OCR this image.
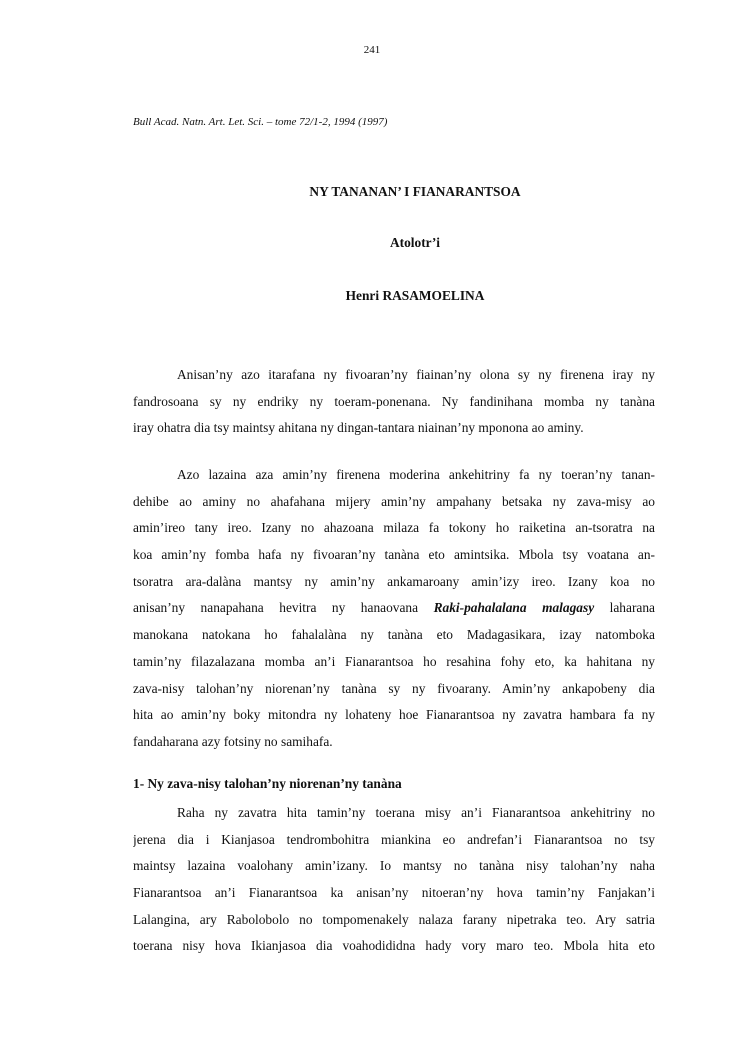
241
Bull Acad. Natn. Art. Let. Sci. – tome 72/1-2, 1994 (1997)
NY TANANAN’ I FIANARANTSOA
Atolotr’i
Henri RASAMOELINA
Anisan’ny azo itarafana ny fivoaran’ny fiainan’ny olona sy ny firenena iray ny
fandrosoana sy ny endriky ny toeram-ponenana. Ny fandinihana momba ny tanàna
iray ohatra dia tsy maintsy ahitana ny dingan-tantara niainan’ny mponona ao aminy.
Azo lazaina aza amin’ny firenena moderina ankehitriny fa ny toeran’ny tanan-
dehibe ao aminy no ahafahana mijery amin’ny ampahany betsaka ny zava-misy ao
amin’ireo tany ireo. Izany no ahazoana milaza fa tokony ho raiketina an-tsoratra na
koa amin’ny fomba hafa ny fivoaran’ny tanàna eto amintsika. Mbola tsy voatana an-
tsoratra ara-dalàna mantsy ny amin’ny ankamaroany amin’izy ireo. Izany koa no
anisan’ny nanapahana hevitra ny hanaovana Raki-pahalalana malagasy laharana
manokana natokana ho fahalalàna ny tanàna eto Madagasikara, izay natomboka
tamin’ny filazalazana momba an’i Fianarantsoa ho resahina fohy eto, ka hahitana ny
zava-nisy talohan’ny niorenan’ny tanàna sy ny fivoarany. Amin’ny ankapobeny dia
hita ao amin’ny boky mitondra ny lohateny hoe Fianarantsoa ny zavatra hambara fa ny
fandaharana azy fotsiny no samihafa.
1- Ny zava-nisy talohan’ny niorenan’ny tanàna
Raha ny zavatra hita tamin’ny toerana misy an’i Fianarantsoa ankehitriny no
jerena dia i Kianjasoa tendrombohitra miankina eo andrefan’i Fianarantsoa no tsy
maintsy lazaina voalohany amin’izany. Io mantsy no tanàna nisy talohan’ny naha
Fianarantsoa an’i Fianarantsoa ka anisan’ny nitoeran’ny hova tamin’ny Fanjakan’i
Lalangina, ary Rabolobolo no tompomenakely nalaza farany nipetraka teo. Ary satria
toerana nisy hova Ikianjasoa dia voahodididna hady vory maro teo. Mbola hita eto
